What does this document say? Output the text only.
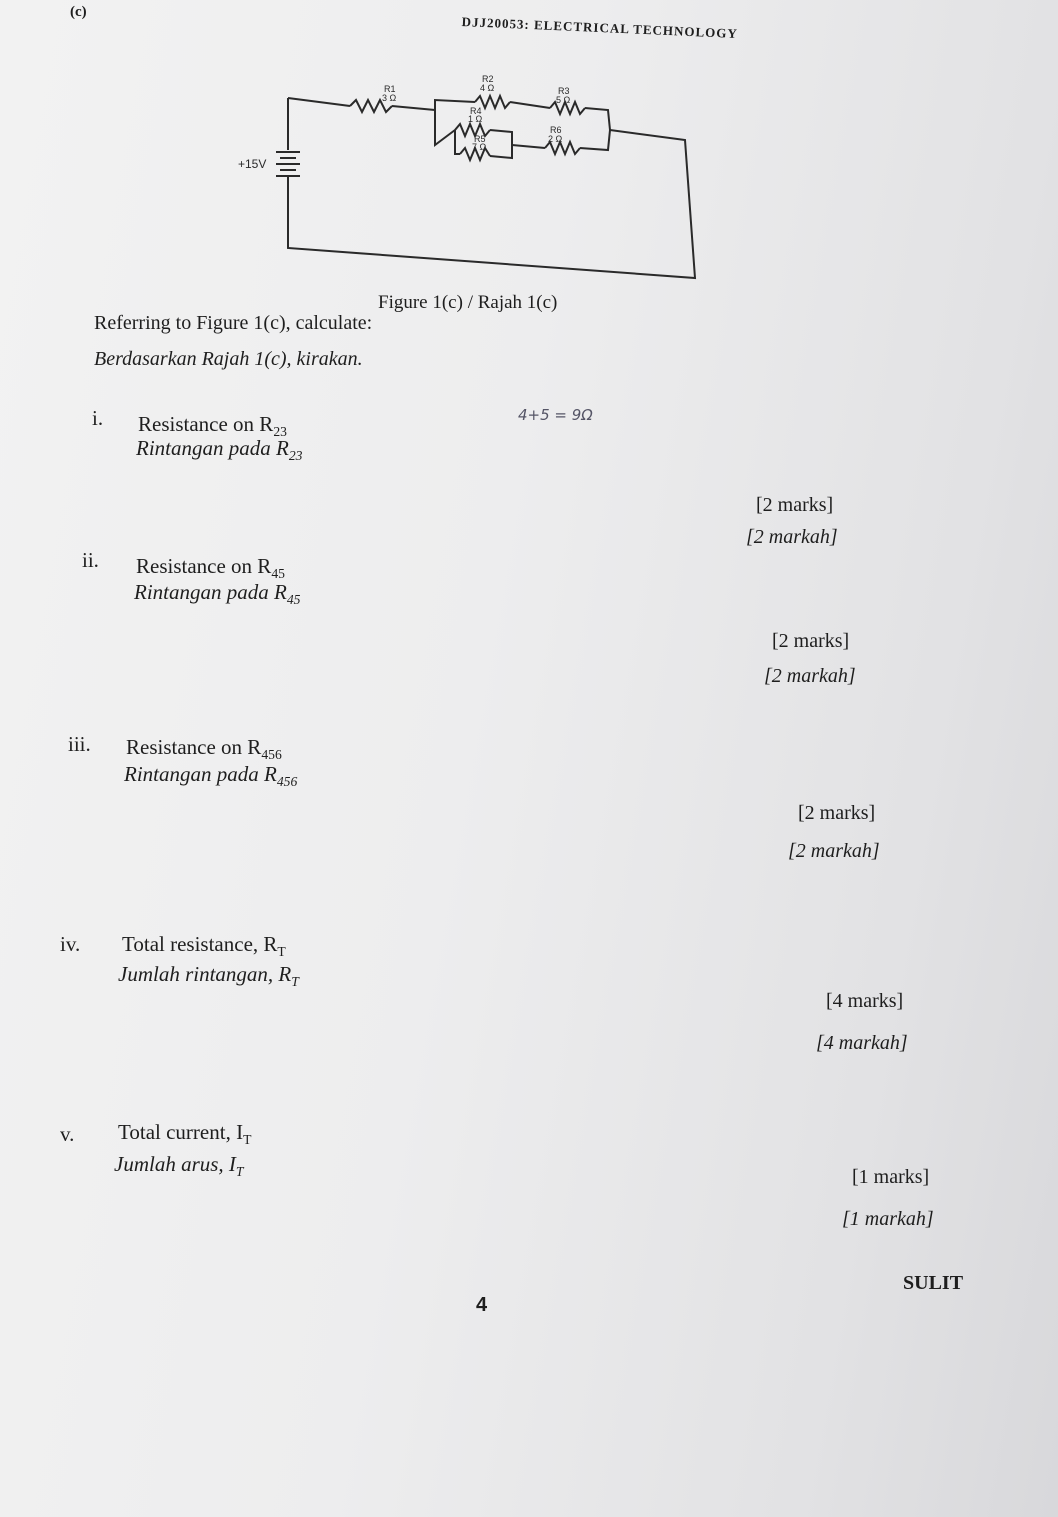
(c)
DJJ20053: ELECTRICAL TECHNOLOGY
+15V
R1
3 Ω
R2
4 Ω	R3
5 Ω
R4
1 Ω
R5
7 Ω
R6
2 Ω
Figure 1(c) / Rajah 1(c)
Referring to Figure 1(c), calculate:
Berdasarkan Rajah 1(c), kirakan.
4+5 = 9Ω
i. Resistance on $R_{23}$
Rintangan pada $R_{23}$
[2 marks]
[2 markah]
ii. Resistance on $R_{45}$
Rintangan pada $R_{45}$
[2 marks]
[2 markah]
iii. Resistance on $R_{456}$
Rintangan pada $R_{456}$
[2 marks]
[2 markah]
iv. Total resistance, $R_T$
Jumlah rintangan, $R_T$
[4 marks]
[4 markah]
v. Total current, $I_T$
Jumlah arus, $I_T$	[1 marks]
[1 markah]
SULIT
4
